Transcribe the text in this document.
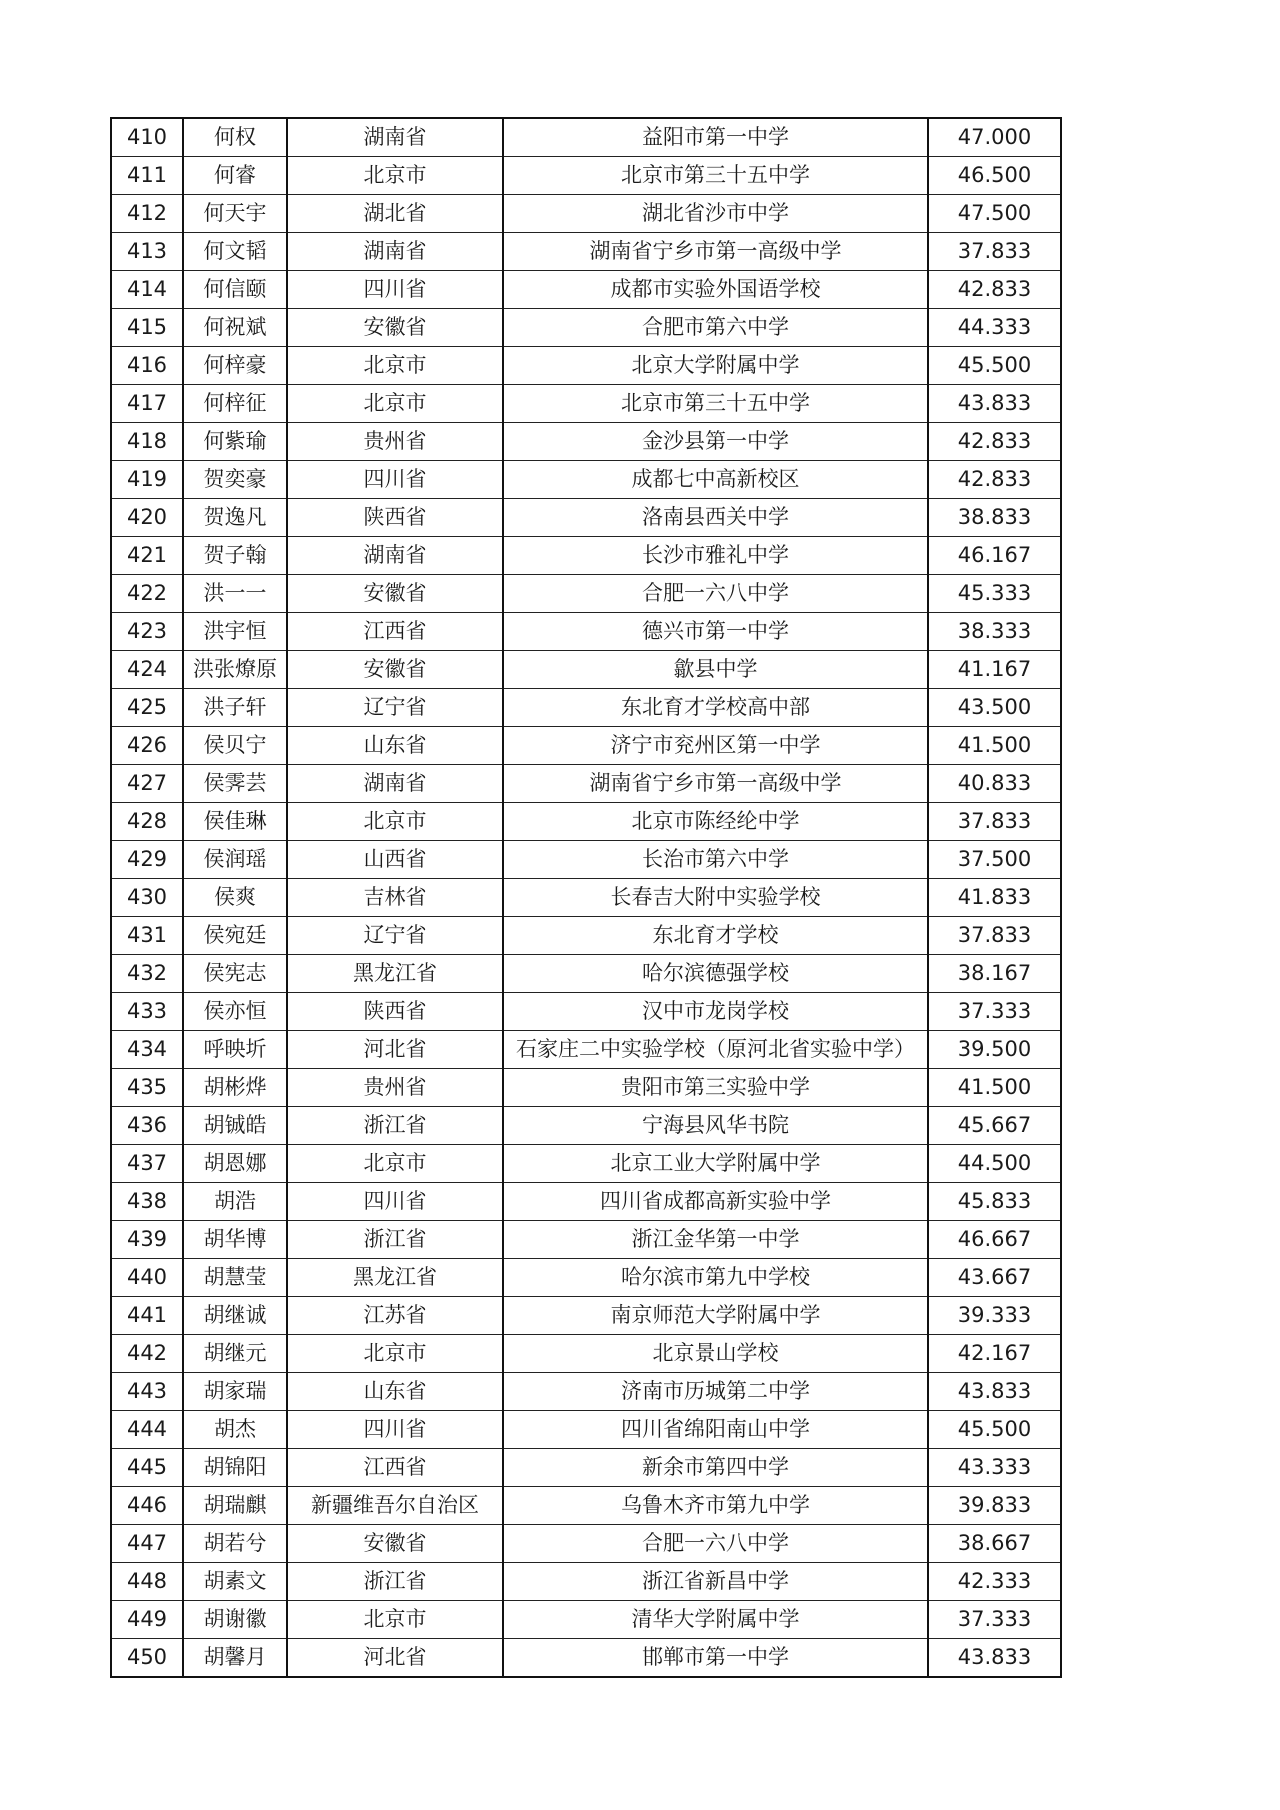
410	何权	湖南省	益阳市第一中学	47.000
411	何睿	北京市	北京市第三十五中学	46.500
412	何天宇	湖北省	湖北省沙市中学	47.500
413	何文韬	湖南省	湖南省宁乡市第一高级中学	37.833
414	何信颐	四川省	成都市实验外国语学校	42.833
415	何祝斌	安徽省	合肥市第六中学	44.333
416	何梓豪	北京市	北京大学附属中学	45.500
417	何梓征	北京市	北京市第三十五中学	43.833
418	何紫瑜	贵州省	金沙县第一中学	42.833
419	贺奕豪	四川省	成都七中高新校区	42.833
420	贺逸凡	陕西省	洛南县西关中学	38.833
421	贺子翰	湖南省	长沙市雅礼中学	46.167
422	洪一一	安徽省	合肥一六八中学	45.333
423	洪宇恒	江西省	德兴市第一中学	38.333
424	洪张燎原	安徽省	歙县中学	41.167
425	洪子轩	辽宁省	东北育才学校高中部	43.500
426	侯贝宁	山东省	济宁市兖州区第一中学	41.500
427	侯霁芸	湖南省	湖南省宁乡市第一高级中学	40.833
428	侯佳琳	北京市	北京市陈经纶中学	37.833
429	侯润瑶	山西省	长治市第六中学	37.500
430	侯爽	吉林省	长春吉大附中实验学校	41.833
431	侯宛廷	辽宁省	东北育才学校	37.833
432	侯宪志	黑龙江省	哈尔滨德强学校	38.167
433	侯亦恒	陕西省	汉中市龙岗学校	37.333
434	呼映圻	河北省	石家庄二中实验学校（原河北省实验中学）	39.500
435	胡彬烨	贵州省	贵阳市第三实验中学	41.500
436	胡铖皓	浙江省	宁海县风华书院	45.667
437	胡恩娜	北京市	北京工业大学附属中学	44.500
438	胡浩	四川省	四川省成都高新实验中学	45.833
439	胡华博	浙江省	浙江金华第一中学	46.667
440	胡慧莹	黑龙江省	哈尔滨市第九中学校	43.667
441	胡继诚	江苏省	南京师范大学附属中学	39.333
442	胡继元	北京市	北京景山学校	42.167
443	胡家瑞	山东省	济南市历城第二中学	43.833
444	胡杰	四川省	四川省绵阳南山中学	45.500
445	胡锦阳	江西省	新余市第四中学	43.333
446	胡瑞麒	新疆维吾尔自治区	乌鲁木齐市第九中学	39.833
447	胡若兮	安徽省	合肥一六八中学	38.667
448	胡素文	浙江省	浙江省新昌中学	42.333
449	胡谢徽	北京市	清华大学附属中学	37.333
450	胡馨月	河北省	邯郸市第一中学	43.833
